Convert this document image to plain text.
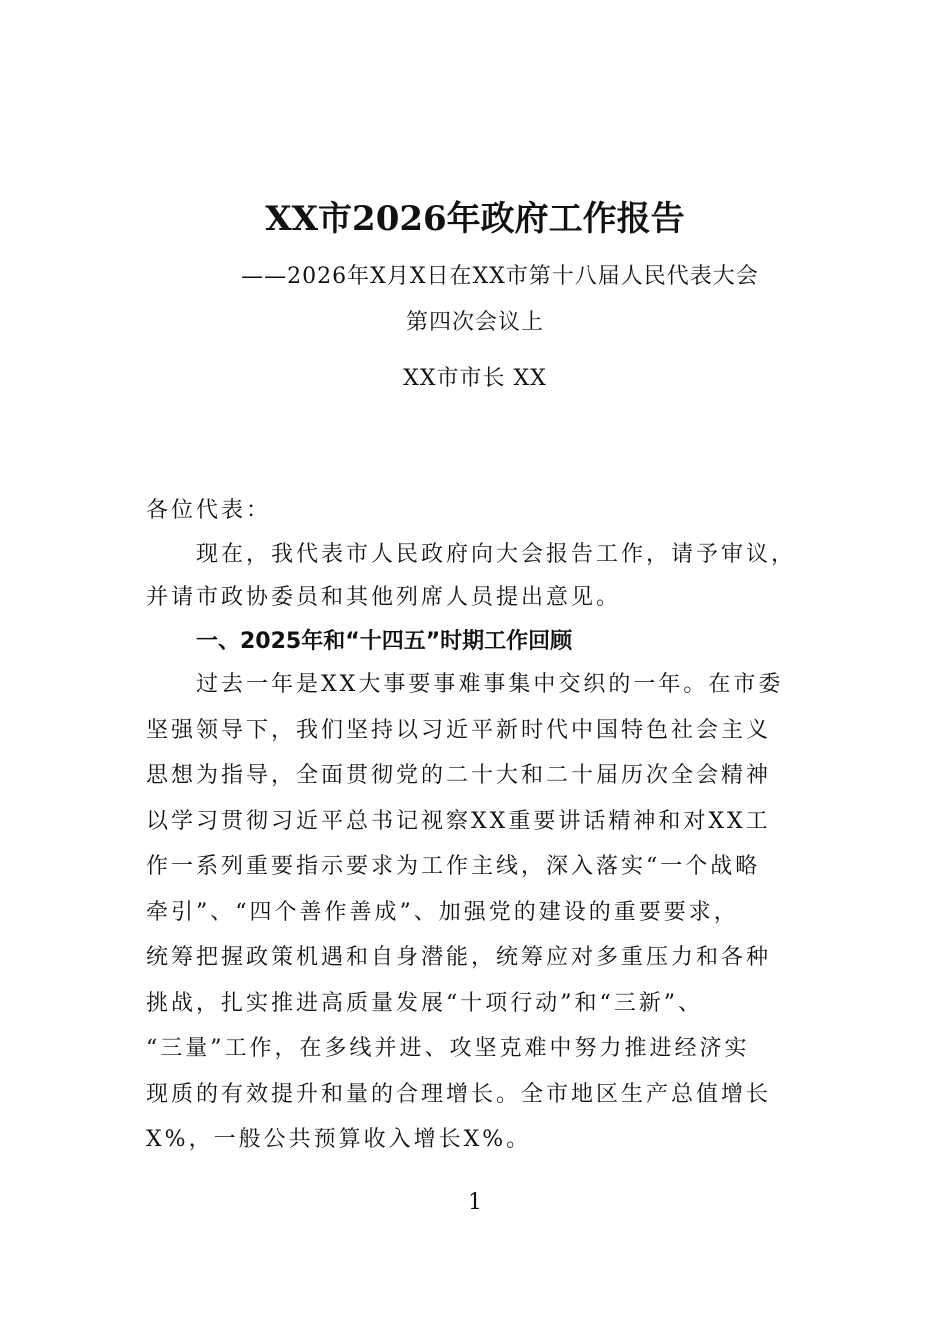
XX市2026年政府工作报告
——2026年X月X日在XX市第十八届人民代表大会
第四次会议上
XX市市长 XX
各位代表：
现在，我代表市人民政府向大会报告工作，请予审议，
并请市政协委员和其他列席人员提出意见。
一、2025年和“十四五”时期工作回顾
过去一年是XX大事要事难事集中交织的一年。在市委
坚强领导下，我们坚持以习近平新时代中国特色社会主义
思想为指导，全面贯彻党的二十大和二十届历次全会精神
以学习贯彻习近平总书记视察XX重要讲话精神和对XX工
作一系列重要指示要求为工作主线，深入落实“一个战略
牵引”、“四个善作善成”、加强党的建设的重要要求，
统筹把握政策机遇和自身潜能，统筹应对多重压力和各种
挑战，扎实推进高质量发展“十项行动”和“三新”、
“三量”工作，在多线并进、攻坚克难中努力推进经济实
现质的有效提升和量的合理增长。全市地区生产总值增长
X%，一般公共预算收入增长X%。
1
